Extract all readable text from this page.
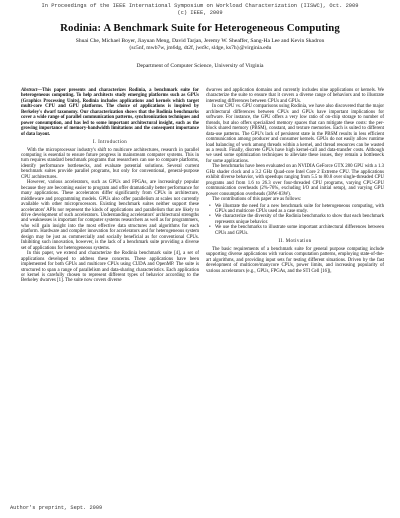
In Proceedings of the IEEE International Symposium on Workload Characterization (IISWC), Oct. 2009
(c) IEEE, 2009
Rodinia: A Benchmark Suite for Heterogeneous Computing
Shuai Che, Michael Boyer, Jiayuan Meng, David Tarjan, Jeremy W. Sheaffer, Sang-Ha Lee and Kevin Skadron
{sc5nf, mwb7w, jm6dg, dt2f, jws9c, sl4ge, ks7h}@virginia.edu
Department of Computer Science, University of Virginia

Abstract—This paper presents and characterizes Rodinia, a benchmark suite for heterogeneous computing. To help architects study emerging platforms such as GPUs (Graphics Processing Units), Rodinia includes applications and kernels which target multi-core CPU and GPU platforms. The choice of applications is inspired by Berkeley's dwarf taxonomy. Our characterization shows that the Rodinia benchmarks cover a wide range of parallel communication patterns, synchronization techniques and power consumption, and has led to some important architectural insight, such as the growing importance of memory-bandwidth limitations and the consequent importance of data layout.

I. Introduction

With the microprocessor industry's shift to multicore architectures, research in parallel computing is essential to ensure future progress in mainstream computer systems. This in turn requires standard benchmark programs that researchers can use to compare platforms, identify performance bottlenecks, and evaluate potential solutions. Several current benchmark suites provide parallel programs, but only for conventional, general-purpose CPU architectures.

However, various accelerators, such as GPUs and FPGAs, are increasingly popular because they are becoming easier to program and offer dramatically better performance for many applications. These accelerators differ significantly from CPUs in architecture, middleware and programming models. GPUs also offer parallelism at scales not currently available with other microprocessors. Existing benchmark suites neither support these accelerators' APIs nor represent the kinds of applications and parallelism that are likely to drive development of such accelerators. Understanding accelerators' architectural strengths and weaknesses is important for computer systems researchers as well as for programmers, who will gain insight into the most effective data structures and algorithms for each platform. Hardware and compiler innovation for accelerators and for heterogeneous system design may be just as commercially and socially beneficial as for conventional CPUs. Inhibiting such innovation, however, is the lack of a benchmark suite providing a diverse set of applications for heterogeneous systems.

In this paper, we extend and characterize the Rodinia benchmark suite [4], a set of applications developed to address these concerns. These applications have been implemented for both GPUs and multicore CPUs using CUDA and OpenMP. The suite is structured to span a range of parallelism and data-sharing characteristics. Each application or kernel is carefully chosen to represent different types of behavior according to the Berkeley dwarves [1]. The suite now covers diverse

dwarves and application domains and currently includes nine applications or kernels. We characterize the suite to ensure that it covers a diverse range of behaviors and to illustrate interesting differences between CPUs and GPUs.

In our CPU vs. GPU comparisons using Rodinia, we have also discovered that the major architectural differences between CPUs and GPUs have important implications for software. For instance, the GPU offers a very low ratio of on-chip storage to number of threads, but also offers specialized memory spaces that can mitigate these costs: the per-block shared memory (PBSM), constant, and texture memories. Each is suited to different data-use patterns. The GPU's lack of persistent state in the PBSM results in less efficient communication among producer and consumer kernels. GPUs do not easily allow runtime load balancing of work among threads within a kernel, and thread resources can be wasted as a result. Finally, discrete GPUs have high kernel-call and data-transfer costs. Although we used some optimization techniques to alleviate these issues, they remain a bottleneck for some applications.

The benchmarks have been evaluated on an NVIDIA GeForce GTX 280 GPU with a 1.3 GHz shader clock and a 3.2 GHz Quad-core Intel Core 2 Extreme CPU. The applications exhibit diverse behavior, with speedups ranging from 5.5 to 80.8 over single-threaded CPU programs and from 1.6 to 26.3 over four-threaded CPU programs, varying CPU-GPU communication overheads (2%-76%, excluding I/O and initial setup), and varying GPU power consumption overheads (38W-83W).

The contributions of this paper are as follows:

• We illustrate the need for a new benchmark suite for heterogeneous computing, with GPUs and multicore CPUs used as a case study.
• We characterize the diversity of the Rodinia benchmarks to show that each benchmark represents unique behavior.
• We use the benchmarks to illustrate some important architectural differences between CPUs and GPUs.
II. Motivation

The basic requirements of a benchmark suite for general purpose computing include supporting diverse applications with various computation patterns, employing state-of-the-art algorithms, and providing input sets for testing different situations. Driven by the fast development of multicore/manycore CPUs, power limits, and increasing popularity of various accelerators (e.g., GPUs, FPGAs, and the STI Cell [16]),

Author's preprint, Sept. 2009
